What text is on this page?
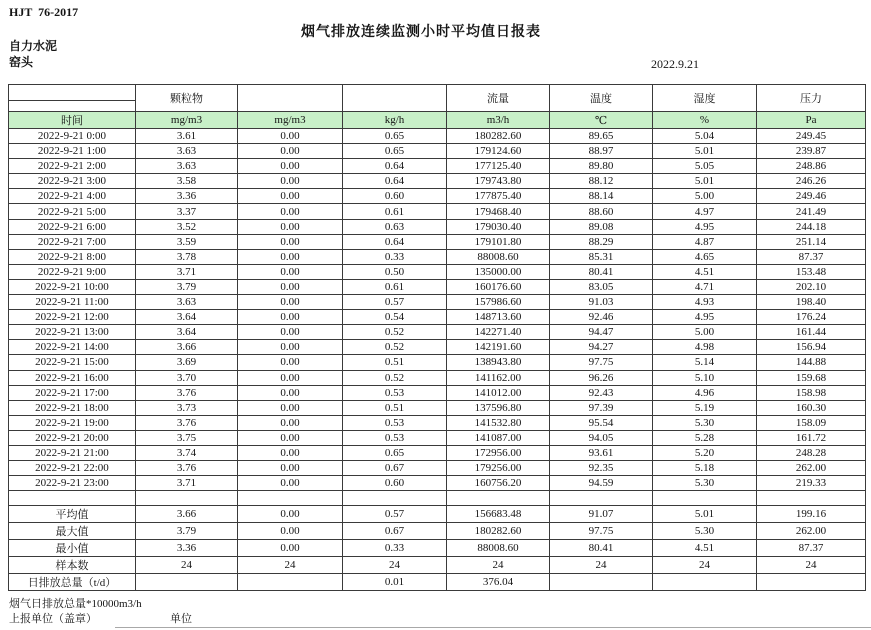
HJT  76-2017
烟气排放连续监测小时平均值日报表
自力水泥
窑头	2022.9.21
	颗粒物			流量	温度	湿度	压力
时间	mg/m3	mg/m3	kg/h	m3/h	℃	%	Pa
2022-9-21 0:00	3.61	0.00	0.65	180282.60	89.65	5.04	249.45
2022-9-21 1:00	3.63	0.00	0.65	179124.60	88.97	5.01	239.87
2022-9-21 2:00	3.63	0.00	0.64	177125.40	89.80	5.05	248.86
2022-9-21 3:00	3.58	0.00	0.64	179743.80	88.12	5.01	246.26
2022-9-21 4:00	3.36	0.00	0.60	177875.40	88.14	5.00	249.46
2022-9-21 5:00	3.37	0.00	0.61	179468.40	88.60	4.97	241.49
2022-9-21 6:00	3.52	0.00	0.63	179030.40	89.08	4.95	244.18
2022-9-21 7:00	3.59	0.00	0.64	179101.80	88.29	4.87	251.14
2022-9-21 8:00	3.78	0.00	0.33	88008.60	85.31	4.65	87.37
2022-9-21 9:00	3.71	0.00	0.50	135000.00	80.41	4.51	153.48
2022-9-21 10:00	3.79	0.00	0.61	160176.60	83.05	4.71	202.10
2022-9-21 11:00	3.63	0.00	0.57	157986.60	91.03	4.93	198.40
2022-9-21 12:00	3.64	0.00	0.54	148713.60	92.46	4.95	176.24
2022-9-21 13:00	3.64	0.00	0.52	142271.40	94.47	5.00	161.44
2022-9-21 14:00	3.66	0.00	0.52	142191.60	94.27	4.98	156.94
2022-9-21 15:00	3.69	0.00	0.51	138943.80	97.75	5.14	144.88
2022-9-21 16:00	3.70	0.00	0.52	141162.00	96.26	5.10	159.68
2022-9-21 17:00	3.76	0.00	0.53	141012.00	92.43	4.96	158.98
2022-9-21 18:00	3.73	0.00	0.51	137596.80	97.39	5.19	160.30
2022-9-21 19:00	3.76	0.00	0.53	141532.80	95.54	5.30	158.09
2022-9-21 20:00	3.75	0.00	0.53	141087.00	94.05	5.28	161.72
2022-9-21 21:00	3.74	0.00	0.65	172956.00	93.61	5.20	248.28
2022-9-21 22:00	3.76	0.00	0.67	179256.00	92.35	5.18	262.00
2022-9-21 23:00	3.71	0.00	0.60	160756.20	94.59	5.30	219.33

平均值	3.66	0.00	0.57	156683.48	91.07	5.01	199.16
最大值	3.79	0.00	0.67	180282.60	97.75	5.30	262.00
最小值	3.36	0.00	0.33	88008.60	80.41	4.51	87.37
样本数	24	24	24	24	24	24	24
日排放总量（t/d）			0.01	376.04			
烟气日排放总量*10000m3/h
上报单位（盖章）	单位
